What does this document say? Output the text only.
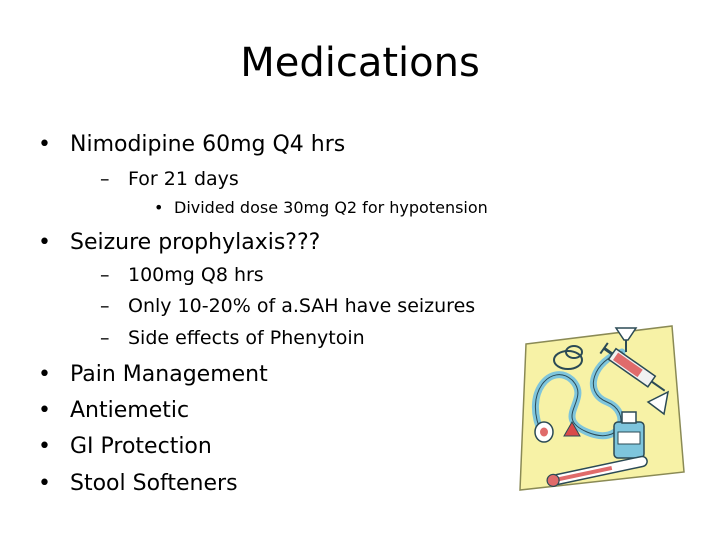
Medications
• Nimodipine 60mg Q4 hrs
– For 21 days
• Divided dose 30mg Q2 for hypotension
• Seizure prophylaxis???
– 100mg Q8 hrs
– Only 10-20% of a.SAH have seizures
– Side effects of Phenytoin
• Pain Management
• Antiemetic
• GI Protection
• Stool Softeners
